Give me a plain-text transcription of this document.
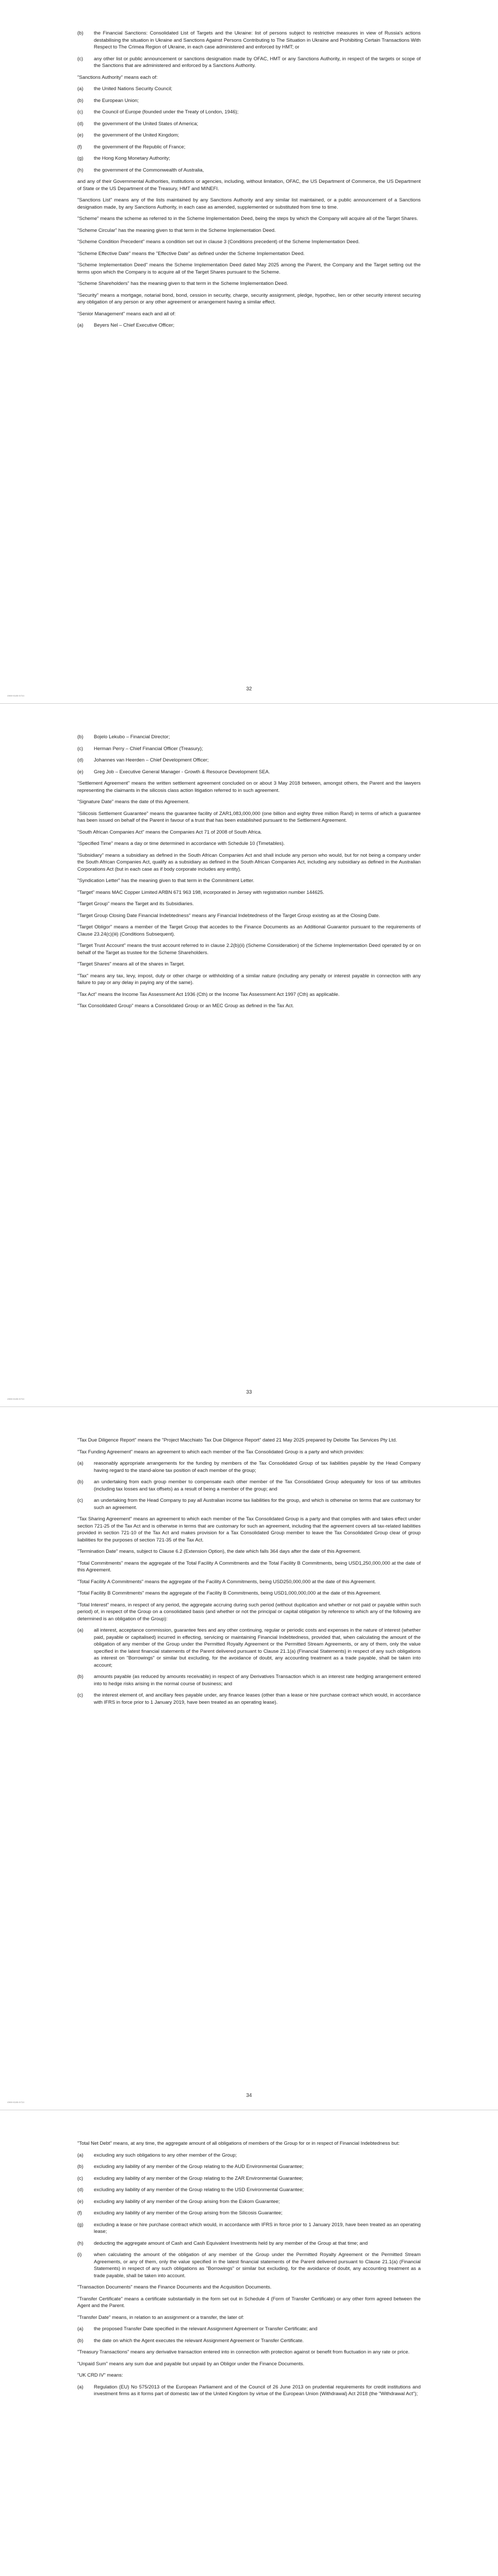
(b)	the Financial Sanctions: Consolidated List of Targets and the Ukraine: list of persons subject to restrictive measures in view of Russia's actions destabilising the situation in Ukraine and Sanctions Against Persons Contributing to The Situation in Ukraine and Prohibiting Certain Transactions With Respect to The Crimea Region of Ukraine, in each case administered and enforced by HMT; or
(c)	any other list or public announcement or sanctions designation made by OFAC, HMT or any Sanctions Authority, in respect of the targets or scope of the Sanctions that are administered and enforced by a Sanctions Authority.

"Sanctions Authority" means each of:

(a)	the United Nations Security Council;
(b)	the European Union;
(c)	the Council of Europe (founded under the Treaty of London, 1946);
(d)	the government of the United States of America;
(e)	the government of the United Kingdom;
(f)	the government of the Republic of France;
(g)	the Hong Kong Monetary Authority;
(h)	the government of the Commonwealth of Australia,

and any of their Governmental Authorities, institutions or agencies, including, without limitation, OFAC, the US Department of Commerce, the US Department of State or the US Department of the Treasury, HMT and MINEFI.

"Sanctions List" means any of the lists maintained by any Sanctions Authority and any similar list maintained, or a public announcement of a Sanctions designation made, by any Sanctions Authority, in each case as amended, supplemented or substituted from time to time.

"Scheme" means the scheme as referred to in the Scheme Implementation Deed, being the steps by which the Company will acquire all of the Target Shares.

"Scheme Circular" has the meaning given to that term in the Scheme Implementation Deed.

"Scheme Condition Precedent" means a condition set out in clause 3 (Conditions precedent) of the Scheme Implementation Deed.

"Scheme Effective Date" means the "Effective Date" as defined under the Scheme Implementation Deed.

"Scheme Implementation Deed" means the Scheme Implementation Deed dated May 2025 among the Parent, the Company and the Target setting out the terms upon which the Company is to acquire all of the Target Shares pursuant to the Scheme.

"Scheme Shareholders" has the meaning given to that term in the Scheme Implementation Deed.

"Security" means a mortgage, notarial bond, bond, cession in security, charge, security assignment, pledge, hypothec, lien or other security interest securing any obligation of any person or any other agreement or arrangement having a similar effect.

"Senior Management" means each and all of:

(a)	Beyers Nel – Chief Executive Officer;
4969-8185-5734
32
(b)	Bojelo Lekubo – Financial Director;
(c)	Herman Perry – Chief Financial Officer (Treasury);
(d)	Johannes van Heerden – Chief Development Officer;
(e)	Greg Job – Executive General Manager - Growth & Resource Development SEA.

"Settlement Agreement" means the written settlement agreement concluded on or about 3 May 2018 between, amongst others, the Parent and the lawyers representing the claimants in the silicosis class action litigation referred to in such agreement.

"Signature Date" means the date of this Agreement.

"Silicosis Settlement Guarantee" means the guarantee facility of ZAR1,083,000,000 (one billion and eighty three million Rand) in terms of which a guarantee has been issued on behalf of the Parent in favour of a trust that has been established pursuant to the Settlement Agreement.

"South African Companies Act" means the Companies Act 71 of 2008 of South Africa.

"Specified Time" means a day or time determined in accordance with Schedule 10 (Timetables).

"Subsidiary" means a subsidiary as defined in the South African Companies Act and shall include any person who would, but for not being a company under the South African Companies Act, qualify as a subsidiary as defined in the South African Companies Act, including any subsidiary as defined in the Australian Corporations Act (but in each case as if body corporate includes any entity).

"Syndication Letter" has the meaning given to that term in the Commitment Letter.

"Target" means MAC Copper Limited ARBN 671 963 198, incorporated in Jersey with registration number 144625.

"Target Group" means the Target and its Subsidiaries.

"Target Group Closing Date Financial Indebtedness" means any Financial Indebtedness of the Target Group existing as at the Closing Date.

"Target Obligor" means a member of the Target Group that accedes to the Finance Documents as an Additional Guarantor pursuant to the requirements of Clause 23.24(c)(iii) (Conditions Subsequent).

"Target Trust Account" means the trust account referred to in clause 2.2(b)(ii) (Scheme Consideration) of the Scheme Implementation Deed operated by or on behalf of the Target as trustee for the Scheme Shareholders.

"Target Shares" means all of the shares in Target.

"Tax" means any tax, levy, impost, duty or other charge or withholding of a similar nature (including any penalty or interest payable in connection with any failure to pay or any delay in paying any of the same).

"Tax Act" means the Income Tax Assessment Act 1936 (Cth) or the Income Tax Assessment Act 1997 (Cth) as applicable.

"Tax Consolidated Group" means a Consolidated Group or an MEC Group as defined in the Tax Act.

4969-8185-5734
33

"Tax Due Diligence Report" means the "Project Macchiato Tax Due Diligence Report" dated 21 May 2025 prepared by Deloitte Tax Services Pty Ltd.

"Tax Funding Agreement" means an agreement to which each member of the Tax Consolidated Group is a party and which provides:

(a)	reasonably appropriate arrangements for the funding by members of the Tax Consolidated Group of tax liabilities payable by the Head Company having regard to the stand-alone tax position of each member of the group;
(b)	an undertaking from each group member to compensate each other member of the Tax Consolidated Group adequately for loss of tax attributes (including tax losses and tax offsets) as a result of being a member of the group; and
(c)	an undertaking from the Head Company to pay all Australian income tax liabilities for the group, and which is otherwise on terms that are customary for such an agreement.

"Tax Sharing Agreement" means an agreement to which each member of the Tax Consolidated Group is a party and that complies with and takes effect under section 721-25 of the Tax Act and is otherwise in terms that are customary for such an agreement, including that the agreement covers all tax-related liabilities provided in section 721-10 of the Tax Act and makes provision for a Tax Consolidated Group member to leave the Tax Consolidated Group clear of group liabilities for the purposes of section 721-35 of the Tax Act.

"Termination Date" means, subject to Clause 6.2 (Extension Option), the date which falls 364 days after the date of this Agreement.

"Total Commitments" means the aggregate of the Total Facility A Commitments and the Total Facility B Commitments, being USD1,250,000,000 at the date of this Agreement.

"Total Facility A Commitments" means the aggregate of the Facility A Commitments, being USD250,000,000 at the date of this Agreement.

"Total Facility B Commitments" means the aggregate of the Facility B Commitments, being USD1,000,000,000 at the date of this Agreement.

"Total Interest" means, in respect of any period, the aggregate accruing during such period (without duplication and whether or not paid or payable within such period) of, in respect of the Group on a consolidated basis (and whether or not the principal or capital obligation by reference to which any of the following are determined is an obligation of the Group):

(a)	all interest, acceptance commission, guarantee fees and any other continuing, regular or periodic costs and expenses in the nature of interest (whether paid, payable or capitalised) incurred in effecting, servicing or maintaining Financial Indebtedness, provided that, when calculating the amount of the obligation of any member of the Group under the Permitted Royalty Agreement or the Permitted Stream Agreements, or any of them, only the value specified in the latest financial statements of the Parent delivered pursuant to Clause 21.1(a) (Financial Statements) in respect of any such obligations as interest on "Borrowings" or similar but excluding, for the avoidance of doubt, any accounting treatment as a trade payable, shall be taken into account;
(b)	amounts payable (as reduced by amounts receivable) in respect of any Derivatives Transaction which is an interest rate hedging arrangement entered into to hedge risks arising in the normal course of business; and
(c)	the interest element of, and ancillary fees payable under, any finance leases (other than a lease or hire purchase contract which would, in accordance with IFRS in force prior to 1 January 2019, have been treated as an operating lease).
4969-8185-5734
34

"Total Net Debt" means, at any time, the aggregate amount of all obligations of members of the Group for or in respect of Financial Indebtedness but:

(a)	excluding any such obligations to any other member of the Group;
(b)	excluding any liability of any member of the Group relating to the AUD Environmental Guarantee;
(c)	excluding any liability of any member of the Group relating to the ZAR Environmental Guarantee;
(d)	excluding any liability of any member of the Group relating to the USD Environmental Guarantee;
(e)	excluding any liability of any member of the Group arising from the Eskom Guarantee;
(f)	excluding any liability of any member of the Group arising from the Silicosis Guarantee;
(g)	excluding a lease or hire purchase contract which would, in accordance with IFRS in force prior to 1 January 2019, have been treated as an operating lease;
(h)	deducting the aggregate amount of Cash and Cash Equivalent Investments held by any member of the Group at that time; and
(i)	when calculating the amount of the obligation of any member of the Group under the Permitted Royalty Agreement or the Permitted Stream Agreements, or any of them, only the value specified in the latest financial statements of the Parent delivered pursuant to Clause 21.1(a) (Financial Statements) in respect of any such obligations as "Borrowings" or similar but excluding, for the avoidance of doubt, any accounting treatment as a trade payable, shall be taken into account.

"Transaction Documents" means the Finance Documents and the Acquisition Documents.

"Transfer Certificate" means a certificate substantially in the form set out in Schedule 4 (Form of Transfer Certificate) or any other form agreed between the Agent and the Parent.

"Transfer Date" means, in relation to an assignment or a transfer, the later of:

(a)	the proposed Transfer Date specified in the relevant Assignment Agreement or Transfer Certificate; and
(b)	the date on which the Agent executes the relevant Assignment Agreement or Transfer Certificate.

"Treasury Transactions" means any derivative transaction entered into in connection with protection against or benefit from fluctuation in any rate or price.

"Unpaid Sum" means any sum due and payable but unpaid by an Obligor under the Finance Documents.

"UK CRD IV" means:

(a)	Regulation (EU) No 575/2013 of the European Parliament and of the Council of 26 June 2013 on prudential requirements for credit institutions and investment firms as it forms part of domestic law of the United Kingdom by virtue of the European Union (Withdrawal) Act 2018 (the "Withdrawal Act");
